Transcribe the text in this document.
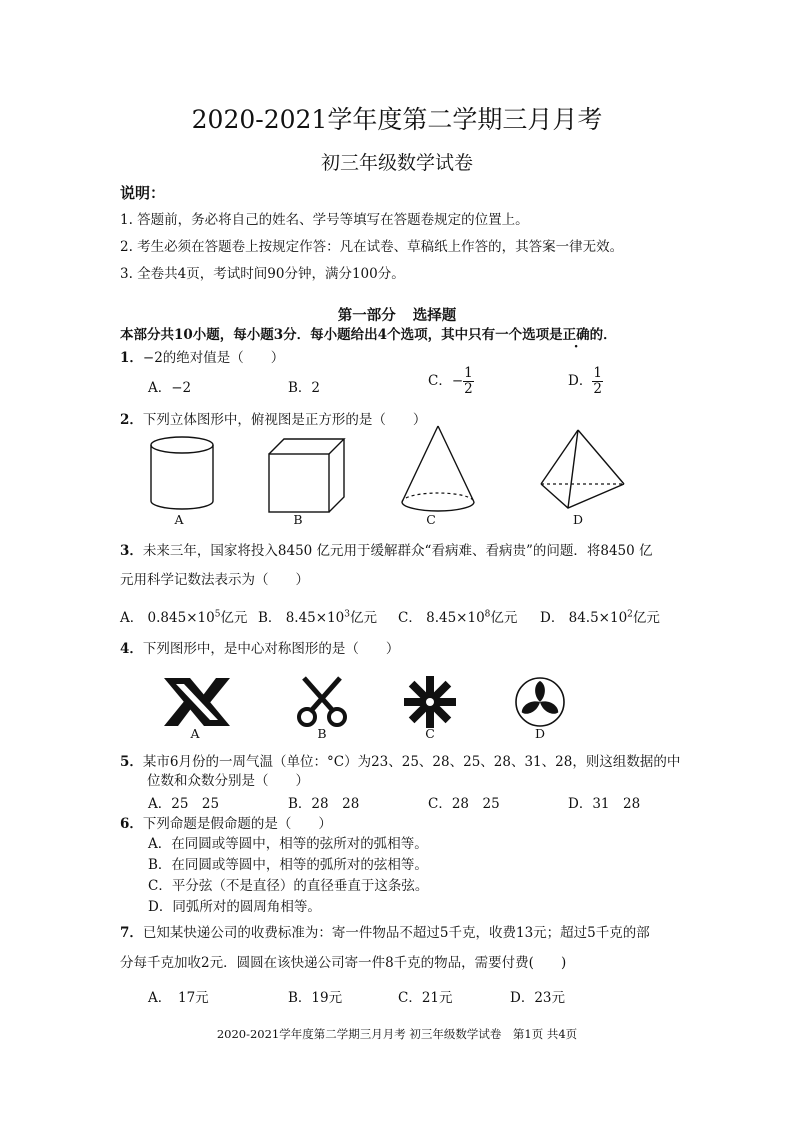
2020-2021学年度第二学期三月月考
初三年级数学试卷
说明：
1. 答题前，务必将自己的姓名、学号等填写在答题卷规定的位置上。
2. 考生必须在答题卷上按规定作答：凡在试卷、草稿纸上作答的，其答案一律无效。
3. 全卷共4页，考试时间90分钟，满分100分。
第一部分 选择题
本部分共10小题，每小题3分．每小题给出4个选项，其中只有一个选项是正确的．
1．−2的绝对值是（　　）
A．−2	B．2	C．− $\frac{1}{2}$	D． $\frac{1}{2}$
2．下列立体图形中，俯视图是正方形的是（　　）
A	B	C	D
3．未来三年，国家将投入8450 亿元用于缓解群众“看病难、看病贵”的问题．将8450 亿
元用科学记数法表示为（　　）
A． $0.845\times 10^5$亿元 B． $8.45\times 10^3$亿元 C． $8.45\times 10^8$亿元 D． $84.5\times 10^2$亿元
4．下列图形中，是中心对称图形的是（　　）
A	B	C	D
5．某市6月份的一周气温（单位：°C）为23、25、28、25、28、31、28，则这组数据的中
位数和众数分别是（　　）
A．25　25	B．28　28	C．28　25	D．31　28
6．下列命题是假命题的是（　　）
A．在同圆或等圆中，相等的弦所对的弧相等。
B．在同圆或等圆中，相等的弧所对的弦相等。
C．平分弦（不是直径）的直径垂直于这条弦。
D．同弧所对的圆周角相等。
7．已知某快递公司的收费标准为：寄一件物品不超过5千克，收费13元；超过5千克的部
分每千克加收2元．圆圆在该快递公司寄一件8千克的物品，需要付费(　　)
A．　17元	B．19元	C．21元	D．23元
2020-2021学年度第二学期三月月考 初三年级数学试卷　第1页 共4页
